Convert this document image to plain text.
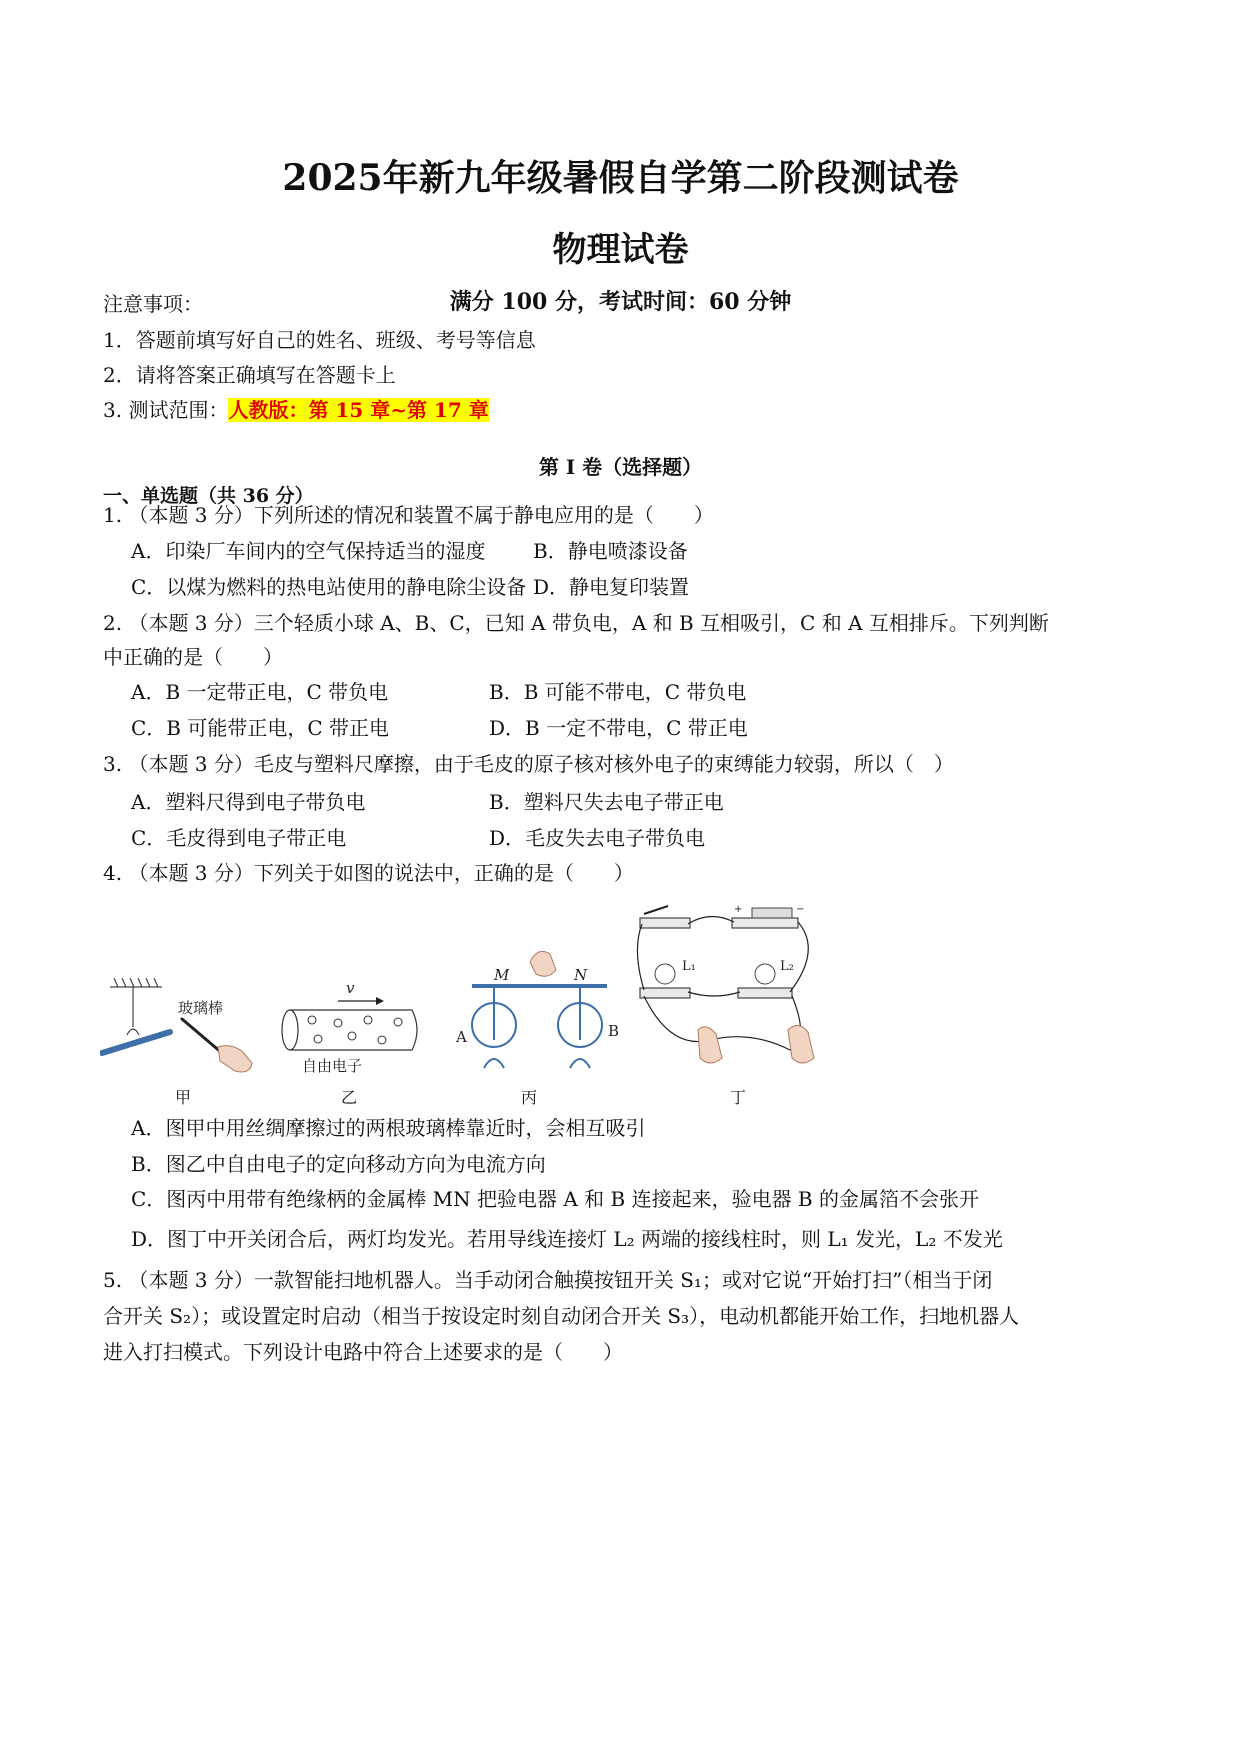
2025年新九年级暑假自学第二阶段测试卷
物理试卷
满分 100 分，考试时间：60 分钟
注意事项：
1．答题前填写好自己的姓名、班级、考号等信息
2．请将答案正确填写在答题卡上
3. 测试范围：人教版：第 15 章~第 17 章
第 I 卷（选择题）
一、单选题（共 36 分）
1. （本题 3 分）下列所述的情况和装置不属于静电应用的是（　　）
A．印染厂车间内的空气保持适当的湿度 B．静电喷漆设备
C．以煤为燃料的热电站使用的静电除尘设备 D．静电复印装置
2. （本题 3 分）三个轻质小球 A、B、C，已知 A 带负电，A 和 B 互相吸引，C 和 A 互相排斥。下列判断
中正确的是（　　）
A．B 一定带正电，C 带负电	B．B 可能不带电，C 带负电
C．B 可能带正电，C 带正电	D．B 一定不带电，C 带正电
3. （本题 3 分）毛皮与塑料尺摩擦，由于毛皮的原子核对核外电子的束缚能力较弱，所以（　）
A．塑料尺得到电子带负电	B．塑料尺失去电子带正电
C．毛皮得到电子带正电	D．毛皮失去电子带负电
4. （本题 3 分）下列关于如图的说法中，正确的是（　　）
玻璃棒
甲
v
自由电子
乙
M	N
A	B
丙
+	−
L₁	L₂
丁
A．图甲中用丝绸摩擦过的两根玻璃棒靠近时，会相互吸引
B．图乙中自由电子的定向移动方向为电流方向
C．图丙中用带有绝缘柄的金属棒 MN 把验电器 A 和 B 连接起来，验电器 B 的金属箔不会张开
D．图丁中开关闭合后，两灯均发光。若用导线连接灯 L₂ 两端的接线柱时，则 L₁ 发光，L₂ 不发光
5. （本题 3 分）一款智能扫地机器人。当手动闭合触摸按钮开关 S₁；或对它说“开始打扫”（相当于闭
合开关 S₂）；或设置定时启动（相当于按设定时刻自动闭合开关 S₃），电动机都能开始工作，扫地机器人
进入打扫模式。下列设计电路中符合上述要求的是（　　）
